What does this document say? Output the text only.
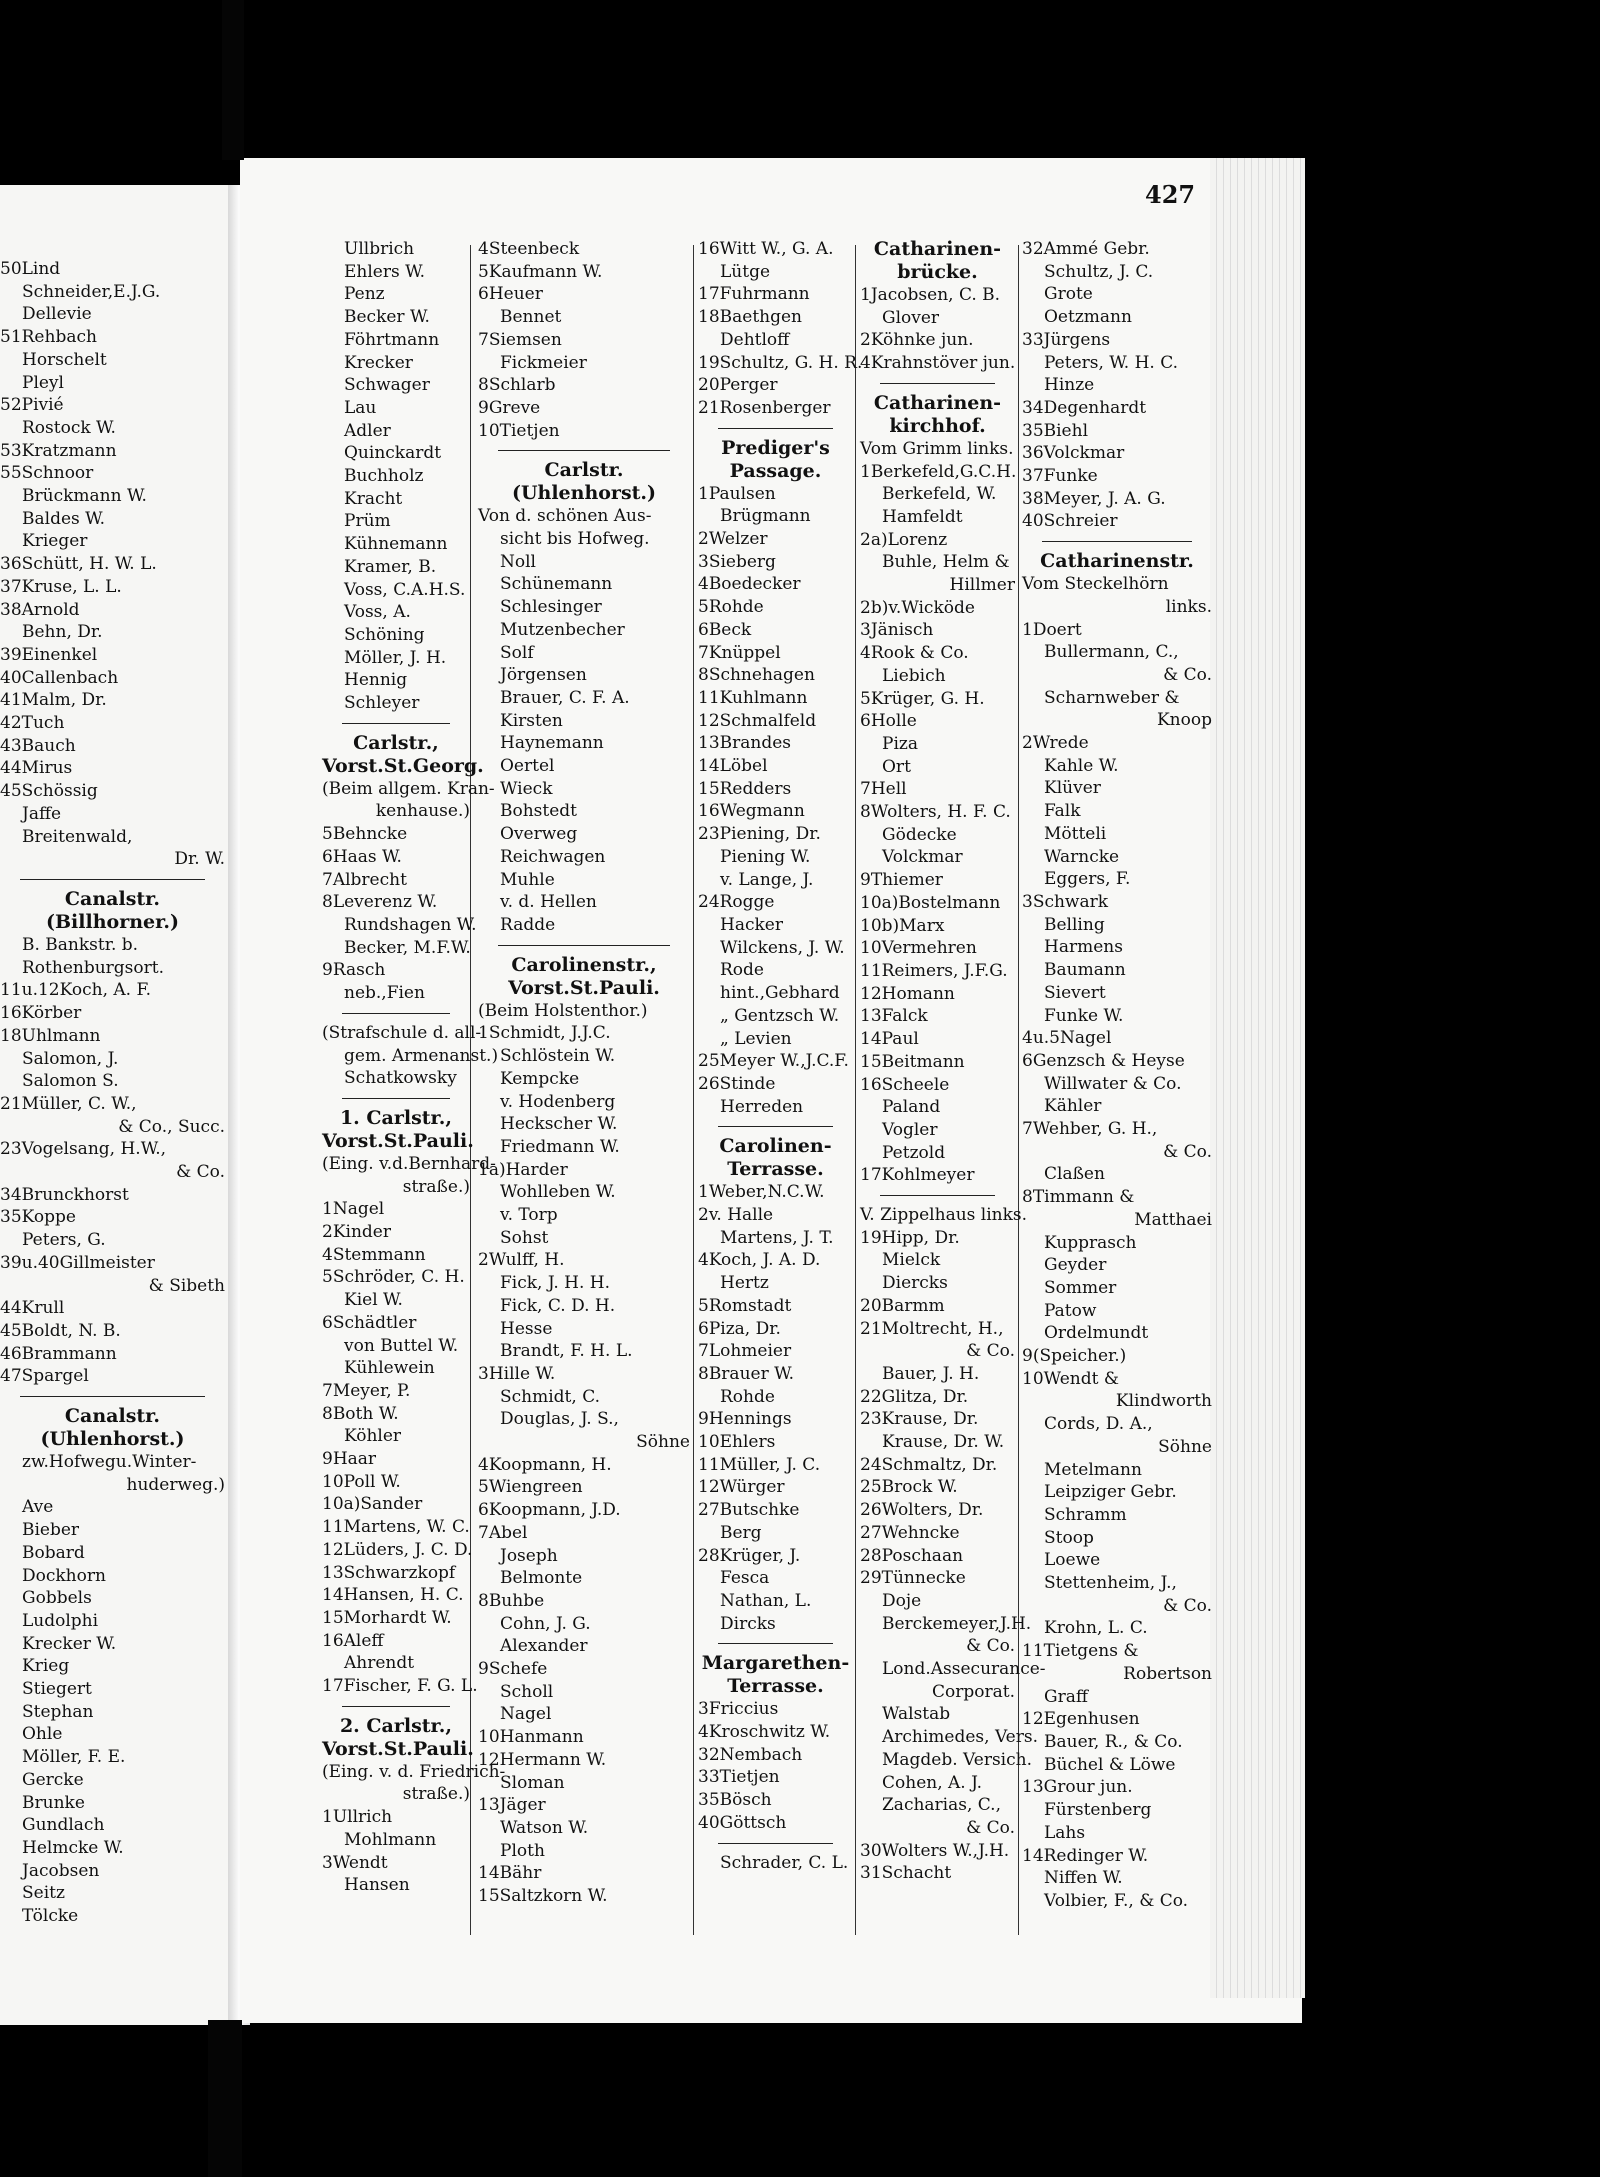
427
50Lind
Schneider,E.J.G.
Dellevie
51Rehbach
Horschelt
Pleyl
52Pivié
Rostock W.
53Kratzmann
55Schnoor
Brückmann W.
Baldes W.
Krieger
36Schütt, H. W. L.
37Kruse, L. L.
38Arnold
Behn, Dr.
39Einenkel
40Callenbach
41Malm, Dr.
42Tuch
43Bauch
44Mirus
45Schössig
Jaffe
Breitenwald,
Dr. W.
Canalstr.
(Billhorner.)
B. Bankstr. b.
Rothenburgsort.
11u.12Koch, A. F.
16Körber
18Uhlmann
Salomon, J.
Salomon S.
21Müller, C. W.,
& Co., Succ.
23Vogelsang, H.W.,
& Co.
34Brunckhorst
35Koppe
Peters, G.
39u.40Gillmeister
& Sibeth
44Krull
45Boldt, N. B.
46Brammann
47Spargel
Canalstr.
(Uhlenhorst.)
zw.Hofwegu.Winter-
huderweg.)
Ave
Bieber
Bobard
Dockhorn
Gobbels
Ludolphi
Krecker W.
Krieg
Stiegert
Stephan
Ohle
Möller, F. E.
Gercke
Brunke
Gundlach
Helmcke W.
Jacobsen
Seitz
Tölcke
Ullbrich
Ehlers W.
Penz
Becker W.
Föhrtmann
Krecker
Schwager
Lau
Adler
Quinckardt
Buchholz
Kracht
Prüm
Kühnemann
Kramer, B.
Voss, C.A.H.S.
Voss, A.
Schöning
Möller, J. H.
Hennig
Schleyer
Carlstr.,
Vorst.St.Georg.
(Beim allgem. Kran-
kenhause.)
5Behncke
6Haas W.
7Albrecht
8Leverenz W.
Rundshagen W.
Becker, M.F.W.
9Rasch
neb.,Fien
(Strafschule d. all-
gem. Armenanst.)
Schatkowsky
1. Carlstr.,
Vorst.St.Pauli.
(Eing. v.d.Bernhard-
straße.)
1Nagel
2Kinder
4Stemmann
5Schröder, C. H.
Kiel W.
6Schädtler
von Buttel W.
Kühlewein
7Meyer, P.
8Both W.
Köhler
9Haar
10Poll W.
10a)Sander
11Martens, W. C.
12Lüders, J. C. D.
13Schwarzkopf
14Hansen, H. C.
15Morhardt W.
16Aleff
Ahrendt
17Fischer, F. G. L.
2. Carlstr.,
Vorst.St.Pauli.
(Eing. v. d. Friedrich-
straße.)
1Ullrich
Mohlmann
3Wendt
Hansen
4Steenbeck
5Kaufmann W.
6Heuer
Bennet
7Siemsen
Fickmeier
8Schlarb
9Greve
10Tietjen
Carlstr.
(Uhlenhorst.)
Von d. schönen Aus-
sicht bis Hofweg.
Noll
Schünemann
Schlesinger
Mutzenbecher
Solf
Jörgensen
Brauer, C. F. A.
Kirsten
Haynemann
Oertel
Wieck
Bohstedt
Overweg
Reichwagen
Muhle
v. d. Hellen
Radde
Carolinenstr.,
Vorst.St.Pauli.
(Beim Holstenthor.)
1Schmidt, J.J.C.
Schlöstein W.
Kempcke
v. Hodenberg
Heckscher W.
Friedmann W.
1a)Harder
Wohlleben W.
v. Torp
Sohst
2Wulff, H.
Fick, J. H. H.
Fick, C. D. H.
Hesse
Brandt, F. H. L.
3Hille W.
Schmidt, C.
Douglas, J. S.,
Söhne
4Koopmann, H.
5Wiengreen
6Koopmann, J.D.
7Abel
Joseph
Belmonte
8Buhbe
Cohn, J. G.
Alexander
9Schefe
Scholl
Nagel
10Hanmann
12Hermann W.
Sloman
13Jäger
Watson W.
Ploth
14Bähr
15Saltzkorn W.
16Witt W., G. A.
Lütge
17Fuhrmann
18Baethgen
Dehtloff
19Schultz, G. H. R.
20Perger
21Rosenberger
Prediger's
Passage.
1Paulsen
Brügmann
2Welzer
3Sieberg
4Boedecker
5Rohde
6Beck
7Knüppel
8Schnehagen
11Kuhlmann
12Schmalfeld
13Brandes
14Löbel
15Redders
16Wegmann
23Piening, Dr.
Piening W.
v. Lange, J.
24Rogge
Hacker
Wilckens, J. W.
Rode
hint.,Gebhard
„ Gentzsch W.
„ Levien
25Meyer W.,J.C.F.
26Stinde
Herreden
Carolinen-
Terrasse.
1Weber,N.C.W.
2v. Halle
Martens, J. T.
4Koch, J. A. D.
Hertz
5Romstadt
6Piza, Dr.
7Lohmeier
8Brauer W.
Rohde
9Hennings
10Ehlers
11Müller, J. C.
12Würger
27Butschke
Berg
28Krüger, J.
Fesca
Nathan, L.
Dircks
Margarethen-
Terrasse.
3Friccius
4Kroschwitz W.
32Nembach
33Tietjen
35Bösch
40Göttsch
Schrader, C. L.
Catharinen-
brücke.
1Jacobsen, C. B.
Glover
2Köhnke jun.
4Krahnstöver jun.
Catharinen-
kirchhof.
Vom Grimm links.
1Berkefeld,G.C.H.
Berkefeld, W.
Hamfeldt
2a)Lorenz
Buhle, Helm &
Hillmer
2b)v.Wicköde
3Jänisch
4Rook & Co.
Liebich
5Krüger, G. H.
6Holle
Piza
Ort
7Hell
8Wolters, H. F. C.
Gödecke
Volckmar
9Thiemer
10a)Bostelmann
10b)Marx
10Vermehren
11Reimers, J.F.G.
12Homann
13Falck
14Paul
15Beitmann
16Scheele
Paland
Vogler
Petzold
17Kohlmeyer
V. Zippelhaus links.
19Hipp, Dr.
Mielck
Diercks
20Barmm
21Moltrecht, H.,
& Co.
Bauer, J. H.
22Glitza, Dr.
23Krause, Dr.
Krause, Dr. W.
24Schmaltz, Dr.
25Brock W.
26Wolters, Dr.
27Wehncke
28Poschaan
29Tünnecke
Doje
Berckemeyer,J.H.
& Co.
Lond.Assecurance-
Corporat.
Walstab
Archimedes, Vers.
Magdeb. Versich.
Cohen, A. J.
Zacharias, C.,
& Co.
30Wolters W.,J.H.
31Schacht
32Ammé Gebr.
Schultz, J. C.
Grote
Oetzmann
33Jürgens
Peters, W. H. C.
Hinze
34Degenhardt
35Biehl
36Volckmar
37Funke
38Meyer, J. A. G.
40Schreier
Catharinenstr.
Vom Steckelhörn
links.
1Doert
Bullermann, C.,
& Co.
Scharnweber &
Knoop
2Wrede
Kahle W.
Klüver
Falk
Mötteli
Warncke
Eggers, F.
3Schwark
Belling
Harmens
Baumann
Sievert
Funke W.
4u.5Nagel
6Genzsch & Heyse
Willwater & Co.
Kähler
7Wehber, G. H.,
& Co.
Claßen
8Timmann &
Matthaei
Kupprasch
Geyder
Sommer
Patow
Ordelmundt
9(Speicher.)
10Wendt &
Klindworth
Cords, D. A.,
Söhne
Metelmann
Leipziger Gebr.
Schramm
Stoop
Loewe
Stettenheim, J.,
& Co.
Krohn, L. C.
11Tietgens &
Robertson
Graff
12Egenhusen
Bauer, R., & Co.
Büchel & Löwe
13Grour jun.
Fürstenberg
Lahs
14Redinger W.
Niffen W.
Volbier, F., & Co.
